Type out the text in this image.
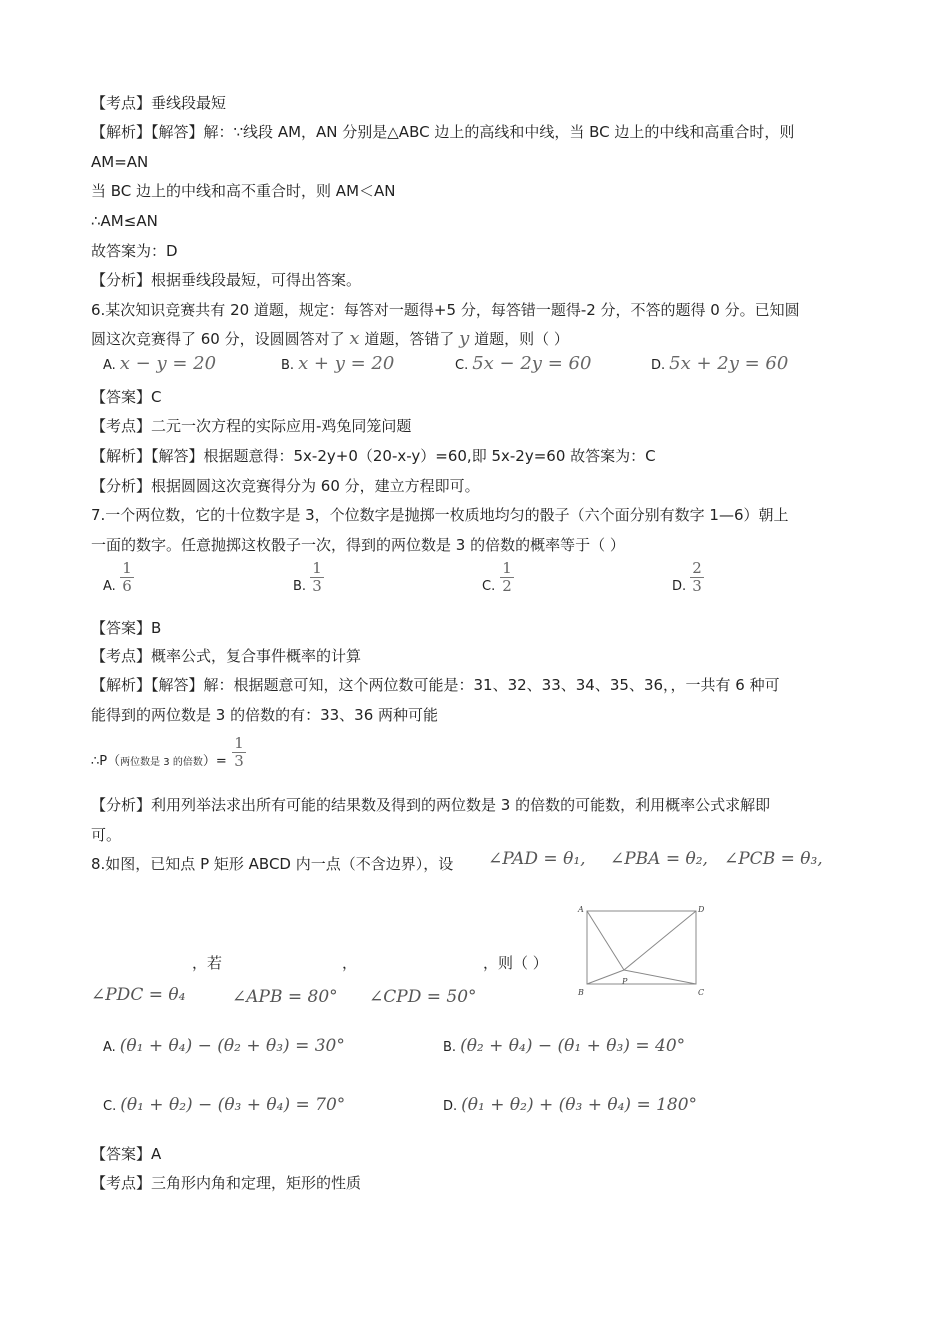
【考点】垂线段最短
【解析】【解答】解：∵线段 AM，AN 分别是△ABC 边上的高线和中线，当 BC 边上的中线和高重合时，则
AM=AN
当 BC 边上的中线和高不重合时，则 AM＜AN
∴AM≤AN
故答案为：D
【分析】根据垂线段最短，可得出答案。
6.某次知识竞赛共有 20 道题，规定：每答对一题得+5 分，每答错一题得-2 分，不答的题得 0 分。已知圆
圆这次竞赛得了 60 分，设圆圆答对了 x 道题，答错了 y 道题，则（ ）
A. x − y = 20	B. x + y = 20	C. 5x − 2y = 60	D. 5x + 2y = 60
【答案】C
【考点】二元一次方程的实际应用-鸡兔同笼问题
【解析】【解答】根据题意得：5x-2y+0（20-x-y）=60,即 5x-2y=60 故答案为：C
【分析】根据圆圆这次竞赛得分为 60 分，建立方程即可。
7.一个两位数，它的十位数字是 3，个位数字是抛掷一枚质地均匀的骰子（六个面分别有数字 1—6）朝上
一面的数字。任意抛掷这枚骰子一次，得到的两位数是 3 的倍数的概率等于（ ）
A.
1
6	B.
1
3	C.
1
2	D.
2
3
【答案】B
【考点】概率公式，复合事件概率的计算
【解析】【解答】解：根据题意可知，这个两位数可能是：31、32、33、34、35、36，，一共有 6 种可
能得到的两位数是 3 的倍数的有：33、36 两种可能
∴P（两位数是 3 的倍数）=
1
3
【分析】利用列举法求出所有可能的结果数及得到的两位数是 3 的倍数的可能数，利用概率公式求解即
可。
8.如图，已知点 P 矩形 ABCD 内一点（不含边界），设 ∠PAD = θ₁, ∠PBA = θ₂, ∠PCB = θ₃,
A	D
B	C
P
，若	，	，则（ ）
∠PDC = θ₄	∠APB = 80° ∠CPD = 50°
A. (θ₁ + θ₄) − (θ₂ + θ₃) = 30°	B. (θ₂ + θ₄) − (θ₁ + θ₃) = 40°
C. (θ₁ + θ₂) − (θ₃ + θ₄) = 70°	D. (θ₁ + θ₂) + (θ₃ + θ₄) = 180°
【答案】A
【考点】三角形内角和定理，矩形的性质
